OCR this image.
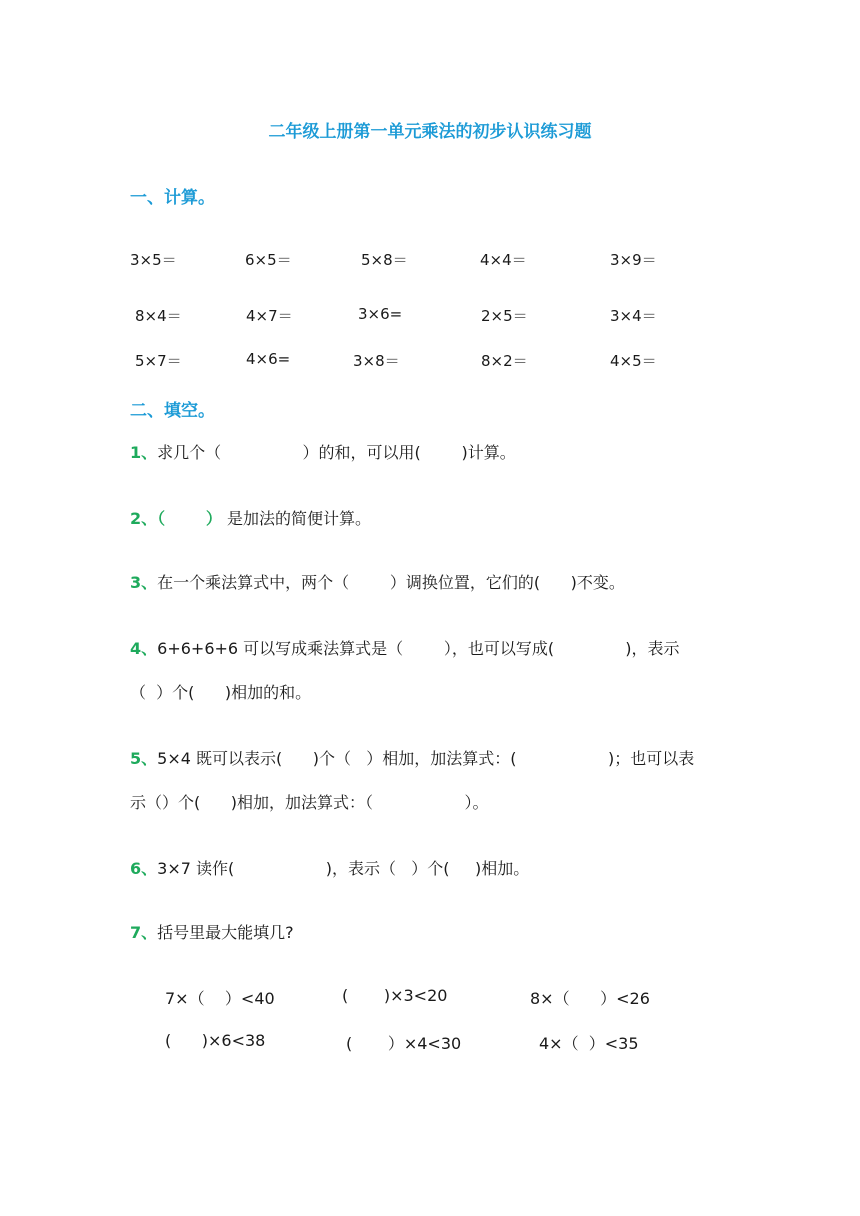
二年级上册第一单元乘法的初步认识练习题
一、计算。
3×5＝	6×5＝	5×8＝	4×4＝	3×9＝
8×4＝	4×7＝	3×6=	2×5＝	3×4＝
5×7＝	4×6=	3×8＝	8×2＝	4×5＝
二、填空。
1、求几个（                ）的和，可以用(        )计算。
2、（	） 是加法的简便计算。
3、在一个乘法算式中，两个（        ）调换位置，它们的(      )不变。
4、6+6+6+6 可以写成乘法算式是（        ），也可以写成(              )，表示
（  ）个(      )相加的和。
5、5×4 既可以表示(      )个（   ）相加，加法算式：(                  )；也可以表
示（）个(      )相加，加法算式：（                  ）。
6、3×7 读作(                  )，表示（   ）个(     )相加。
7、括号里最大能填几?
7×（    ）<40	(       )×3<20	8×（      ）<26
(      )×6<38	(       ）×4<30	4×（  ）<35
